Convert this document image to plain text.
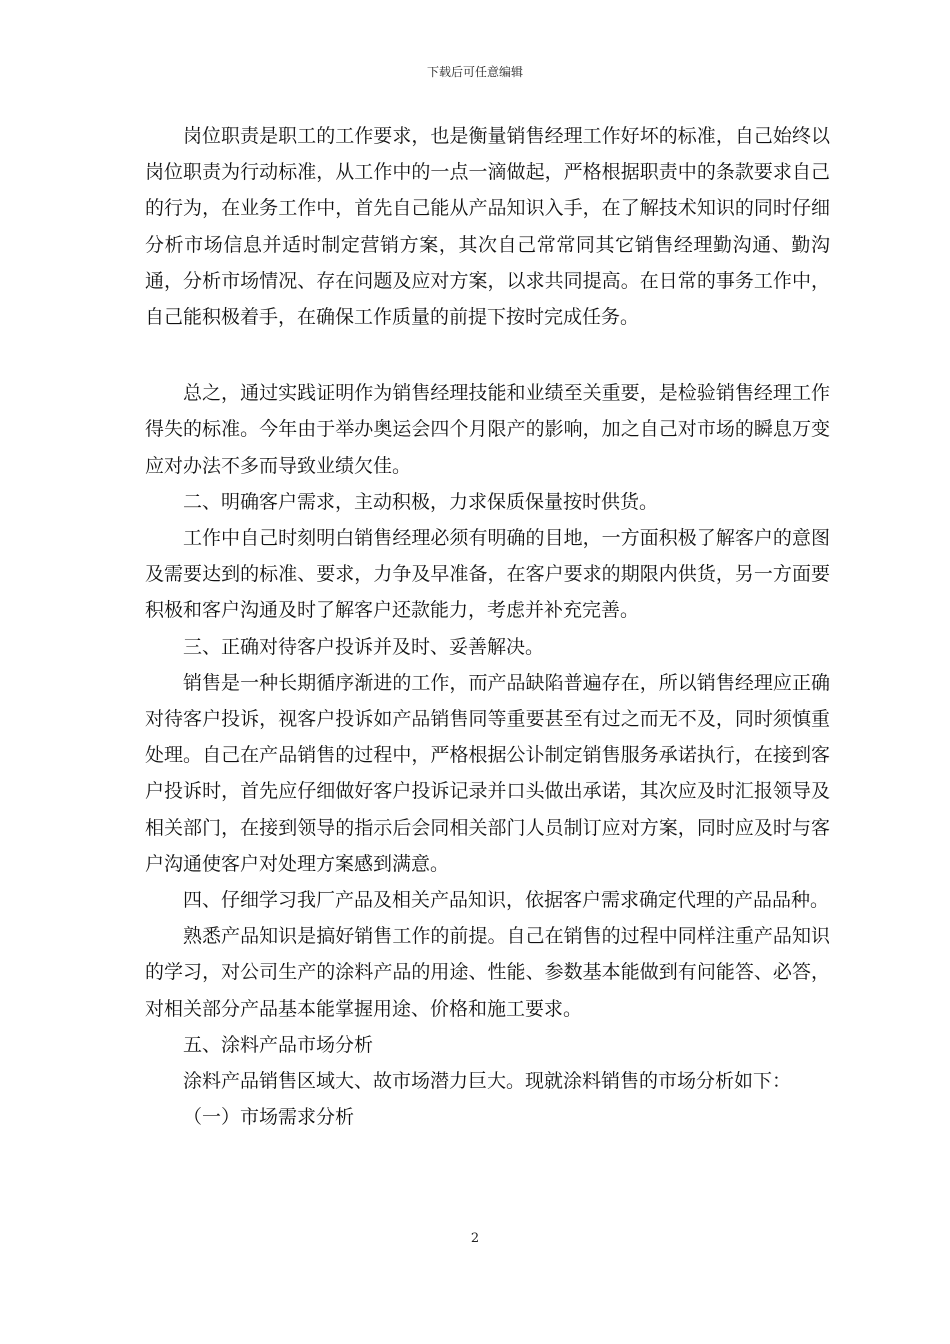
下载后可任意编辑

岗位职责是职工的工作要求，也是衡量销售经理工作好坏的标准，自己始终以岗位职责为行动标准，从工作中的一点一滴做起，严格根据职责中的条款要求自己的行为，在业务工作中，首先自己能从产品知识入手，在了解技术知识的同时仔细分析市场信息并适时制定营销方案，其次自己常常同其它销售经理勤沟通、勤沟通，分析市场情况、存在问题及应对方案，以求共同提高。在日常的事务工作中，自己能积极着手，在确保工作质量的前提下按时完成任务。

总之，通过实践证明作为销售经理技能和业绩至关重要，是检验销售经理工作得失的标准。今年由于举办奥运会四个月限产的影响，加之自己对市场的瞬息万变应对办法不多而导致业绩欠佳。

二、明确客户需求，主动积极，力求保质保量按时供货。

工作中自己时刻明白销售经理必须有明确的目地，一方面积极了解客户的意图及需要达到的标准、要求，力争及早准备，在客户要求的期限内供货，另一方面要积极和客户沟通及时了解客户还款能力，考虑并补充完善。

三、正确对待客户投诉并及时、妥善解决。

销售是一种长期循序渐进的工作，而产品缺陷普遍存在，所以销售经理应正确对待客户投诉，视客户投诉如产品销售同等重要甚至有过之而无不及，同时须慎重处理。自己在产品销售的过程中，严格根据公讣制定销售服务承诺执行，在接到客户投诉时，首先应仔细做好客户投诉记录并口头做出承诺，其次应及时汇报领导及相关部门，在接到领导的指示后会同相关部门人员制订应对方案，同时应及时与客户沟通使客户对处理方案感到满意。

四、仔细学习我厂产品及相关产品知识，依据客户需求确定代理的产品品种。

熟悉产品知识是搞好销售工作的前提。自己在销售的过程中同样注重产品知识的学习，对公司生产的涂料产品的用途、性能、参数基本能做到有问能答、必答，对相关部分产品基本能掌握用途、价格和施工要求。

五、涂料产品市场分析

涂料产品销售区域大、故市场潜力巨大。现就涂料销售的市场分析如下：

（一）市场需求分析

2
